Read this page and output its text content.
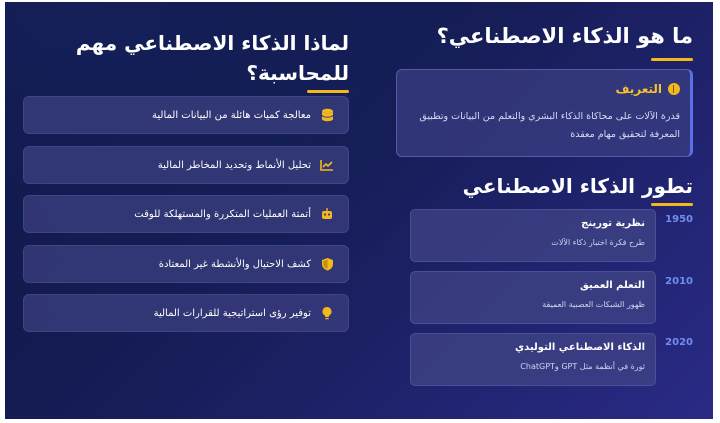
ما هو الذكاء الاصطناعي؟
التعريف
قدرة الآلات على محاكاة الذكاء البشري والتعلم من البيانات وتطبيق المعرفة لتحقيق مهام معقدة
تطور الذكاء الاصطناعي
1950
نظرية تورينج
طرح فكرة اختبار ذكاء الآلات
2010
التعلم العميق
ظهور الشبكات العصبية العميقة
2020
الذكاء الاصطناعي التوليدي
ثورة في أنظمة مثل GPT وChatGPT
لماذا الذكاء الاصطناعي مهم للمحاسبة؟
معالجة كميات هائلة من البيانات المالية
تحليل الأنماط وتحديد المخاطر المالية
أتمتة العمليات المتكررة والمستهلكة للوقت
كشف الاحتيال والأنشطة غير المعتادة
توفير رؤى استراتيجية للقرارات المالية
